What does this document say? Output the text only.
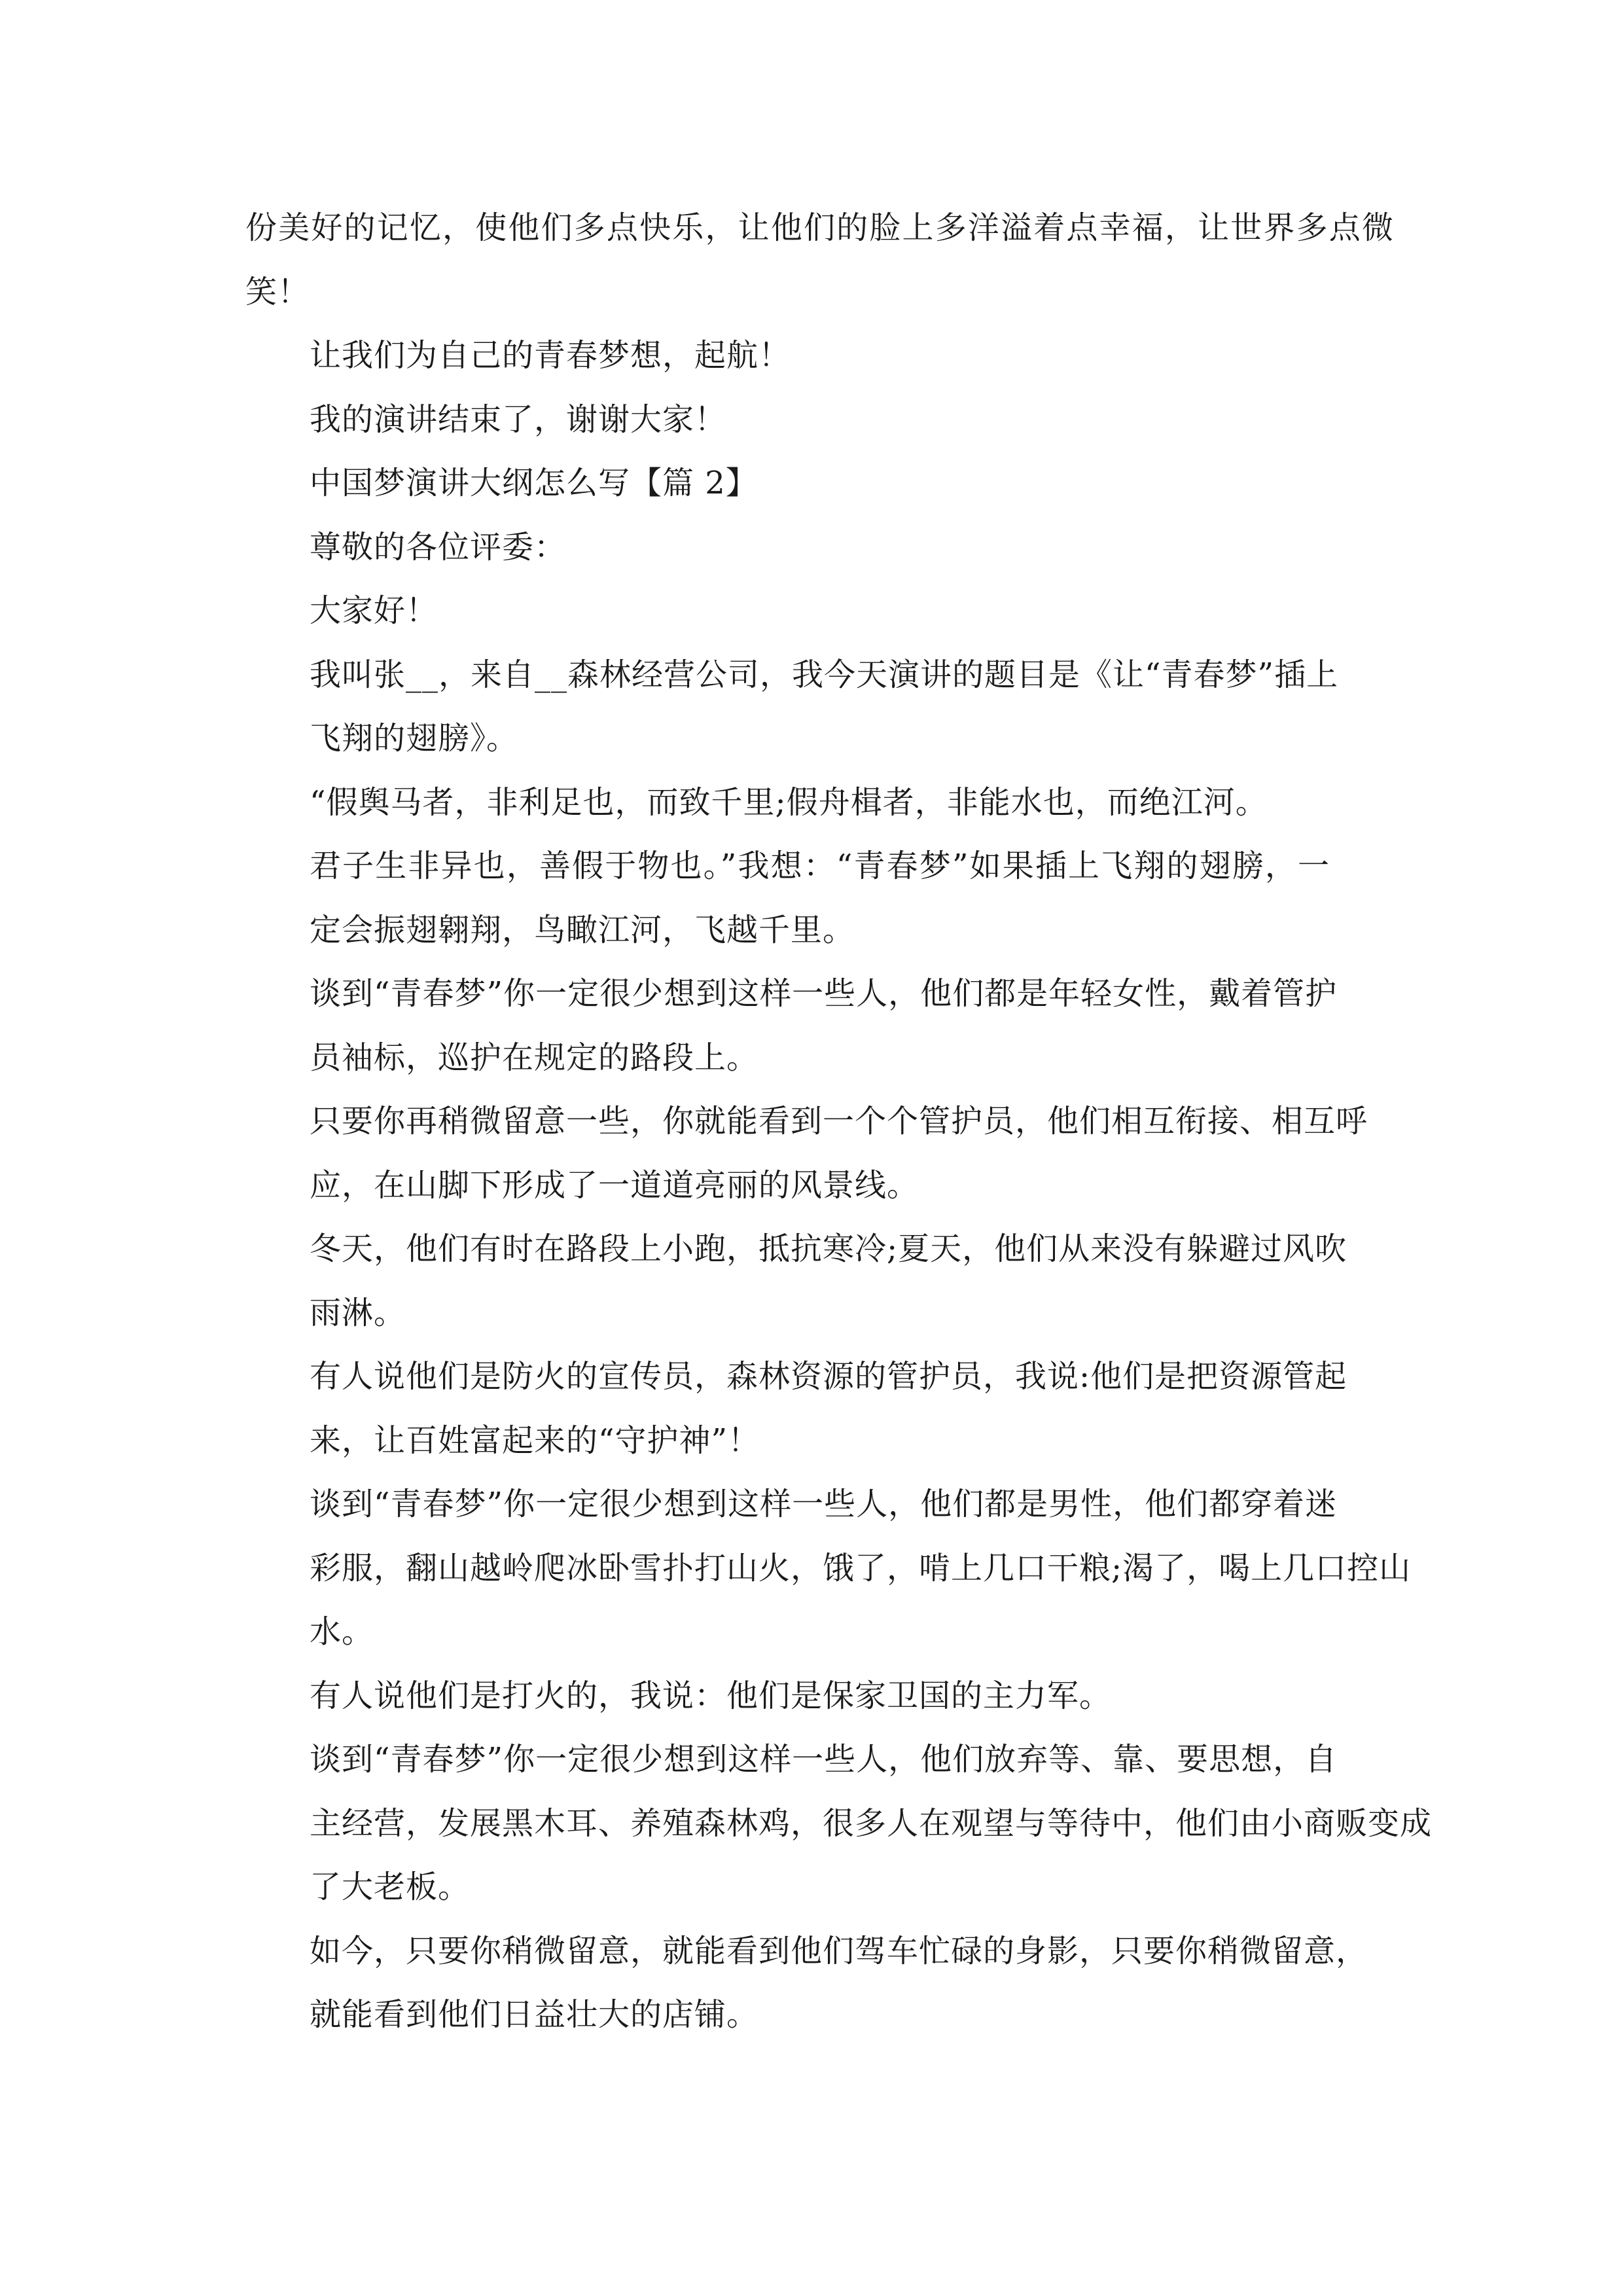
份美好的记忆，使他们多点快乐，让他们的脸上多洋溢着点幸福，让世界多点微
笑！

让我们为自己的青春梦想，起航！

我的演讲结束了，谢谢大家！

中国梦演讲大纲怎么写【篇 2】

尊敬的各位评委：

大家好！

我叫张__，来自__森林经营公司，我今天演讲的题目是《让“青春梦”插上
飞翔的翅膀》。

“假舆马者，非利足也，而致千里;假舟楫者，非能水也，而绝江河。

君子生非异也，善假于物也。”我想：“青春梦”如果插上飞翔的翅膀，一
定会振翅翱翔，鸟瞰江河，飞越千里。

谈到“青春梦”你一定很少想到这样一些人，他们都是年轻女性，戴着管护
员袖标，巡护在规定的路段上。

只要你再稍微留意一些，你就能看到一个个管护员，他们相互衔接、相互呼
应，在山脚下形成了一道道亮丽的风景线。

冬天，他们有时在路段上小跑，抵抗寒冷;夏天，他们从来没有躲避过风吹
雨淋。

有人说他们是防火的宣传员，森林资源的管护员，我说:他们是把资源管起
来，让百姓富起来的“守护神”！

谈到“青春梦”你一定很少想到这样一些人，他们都是男性，他们都穿着迷
彩服，翻山越岭爬冰卧雪扑打山火，饿了，啃上几口干粮;渴了，喝上几口控山
水。

有人说他们是打火的，我说：他们是保家卫国的主力军。

谈到“青春梦”你一定很少想到这样一些人，他们放弃等、靠、要思想，自
主经营，发展黑木耳、养殖森林鸡，很多人在观望与等待中，他们由小商贩变成
了大老板。

如今，只要你稍微留意，就能看到他们驾车忙碌的身影，只要你稍微留意，
就能看到他们日益壮大的店铺。
